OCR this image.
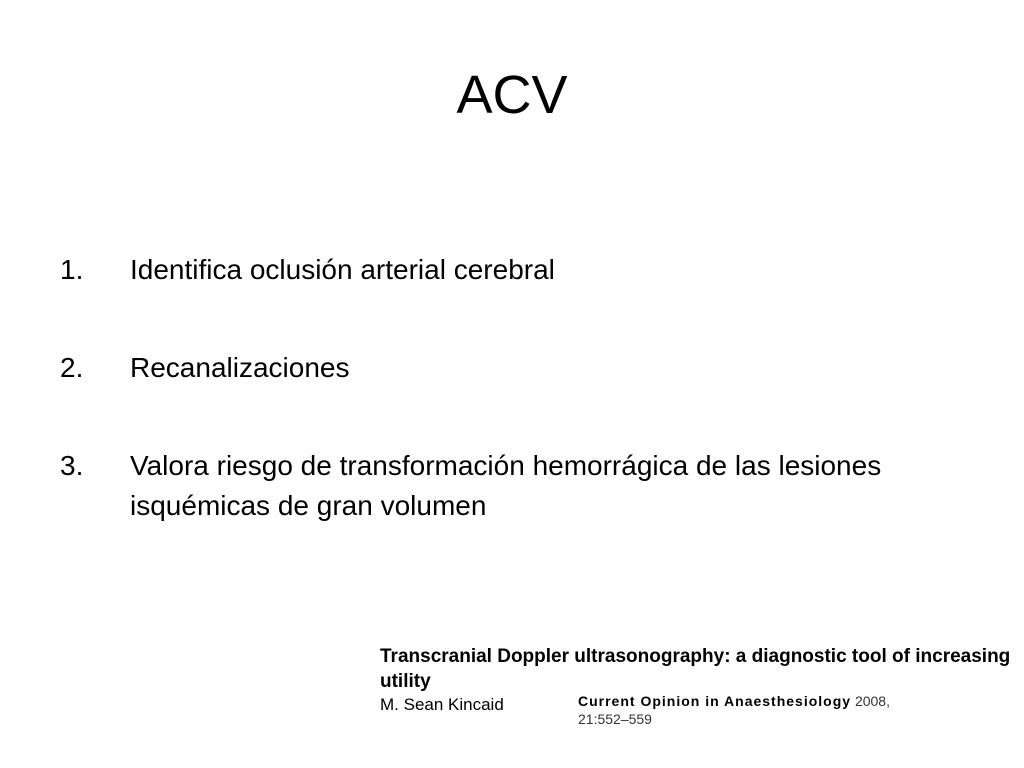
ACV
1.	Identifica oclusión arterial cerebral
2.	Recanalizaciones
3.	Valora riesgo de transformación hemorrágica de las lesiones isquémicas de gran volumen
Transcranial Doppler ultrasonography: a diagnostic tool of increasing utility
M. Sean Kincaid	Current Opinion in Anaesthesiology 2008,
21:552–559
